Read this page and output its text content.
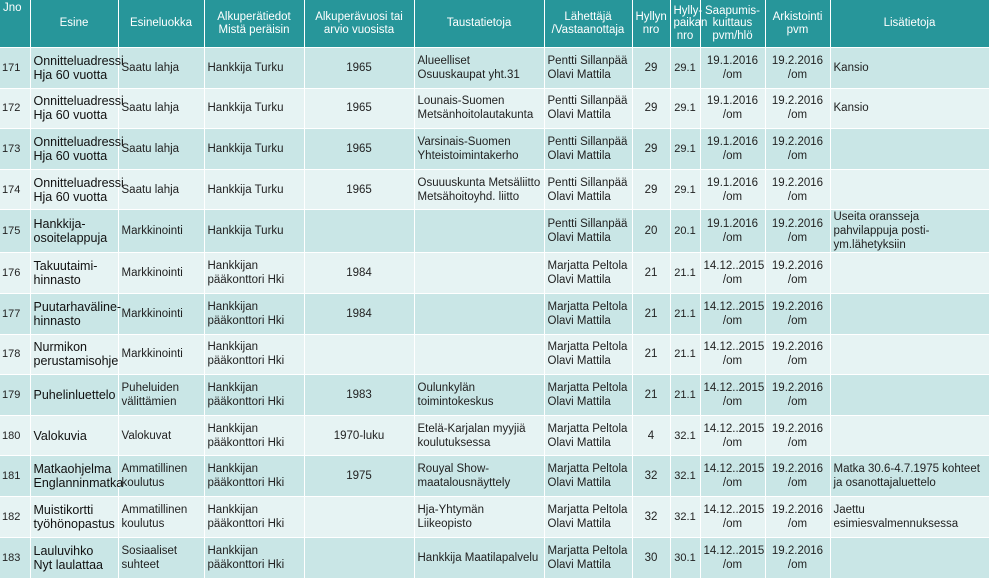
Jno	Esine	Esineluokka	Alkuperätiedot Mistä peräisin	Alkuperävuosi tai arvio vuosista	Taustatietoja	Lähettäjä /Vastaanottaja	Hyllyn nro	Hylly-paikan nro	Saapumis-kuittaus pvm/hlö	Arkistointi pvm	Lisätietoja
171	Onnitteluadressi Hja 60 vuotta	Saatu lahja	Hankkija Turku	1965	Alueelliset Osuuskaupat yht.31	Pentti Sillanpää Olavi Mattila	29	29.1	19.1.2016 /om	19.2.2016 /om	Kansio
172	Onnitteluadressi Hja 60 vuotta	Saatu lahja	Hankkija Turku	1965	Lounais-Suomen Metsänhoitolautakunta	Pentti Sillanpää Olavi Mattila	29	29.1	19.1.2016 /om	19.2.2016 /om	Kansio
173	Onnitteluadressi Hja 60 vuotta	Saatu lahja	Hankkija Turku	1965	Varsinais-Suomen Yhteistoimintakerho	Pentti Sillanpää Olavi Mattila	29	29.1	19.1.2016 /om	19.2.2016 /om	
174	Onnitteluadressi Hja 60 vuotta	Saatu lahja	Hankkija Turku	1965	Osuuuskunta Metsäliitto Metsähoitoyhd. liitto	Pentti Sillanpää Olavi Mattila	29	29.1	19.1.2016 /om	19.2.2016 /om	
175	Hankkija-osoitelappuja	Markkinointi	Hankkija Turku			Pentti Sillanpää Olavi Mattila	20	20.1	19.1.2016 /om	19.2.2016 /om	Useita oransseja pahvilappuja posti-ym.lähetyksiin
176	Takuutaimi-hinnasto	Markkinointi	Hankkijan pääkonttori Hki	1984		Marjatta Peltola Olavi Mattila	21	21.1	14.12..2015 /om	19.2.2016 /om	
177	Puutarhaväline-hinnasto	Markkinointi	Hankkijan pääkonttori Hki	1984		Marjatta Peltola Olavi Mattila	21	21.1	14.12..2015 /om	19.2.2016 /om	
178	Nurmikon perustamisohje	Markkinointi	Hankkijan pääkonttori Hki			Marjatta Peltola Olavi Mattila	21	21.1	14.12..2015 /om	19.2.2016 /om	
179	Puhelinluettelo	Puheluiden välittämien	Hankkijan pääkonttori Hki	1983	Oulunkylän toimintokeskus	Marjatta Peltola Olavi Mattila	21	21.1	14.12..2015 /om	19.2.2016 /om	
180	Valokuvia	Valokuvat	Hankkijan pääkonttori Hki	1970-luku	Etelä-Karjalan myyjiä koulutuksessa	Marjatta Peltola Olavi Mattila	4	32.1	14.12..2015 /om	19.2.2016 /om	
181	Matkaohjelma Englanninmatka	Ammatillinen koulutus	Hankkijan pääkonttori Hki	1975	Rouyal Show-maatalousnäyttely	Marjatta Peltola Olavi Mattila	32	32.1	14.12..2015 /om	19.2.2016 /om	Matka 30.6-4.7.1975 kohteet ja osanottajaluettelo
182	Muistikortti työhönopastus	Ammatillinen koulutus	Hankkijan pääkonttori Hki		Hja-Yhtymän Liikeopisto	Marjatta Peltola Olavi Mattila	32	32.1	14.12..2015 /om	19.2.2016 /om	Jaettu esimiesvalmennuksessa
183	Lauluvihko Nyt laulattaa	Sosiaaliset suhteet	Hankkijan pääkonttori Hki		Hankkija Maatilapalvelu	Marjatta Peltola Olavi Mattila	30	30.1	14.12..2015 /om	19.2.2016 /om	
